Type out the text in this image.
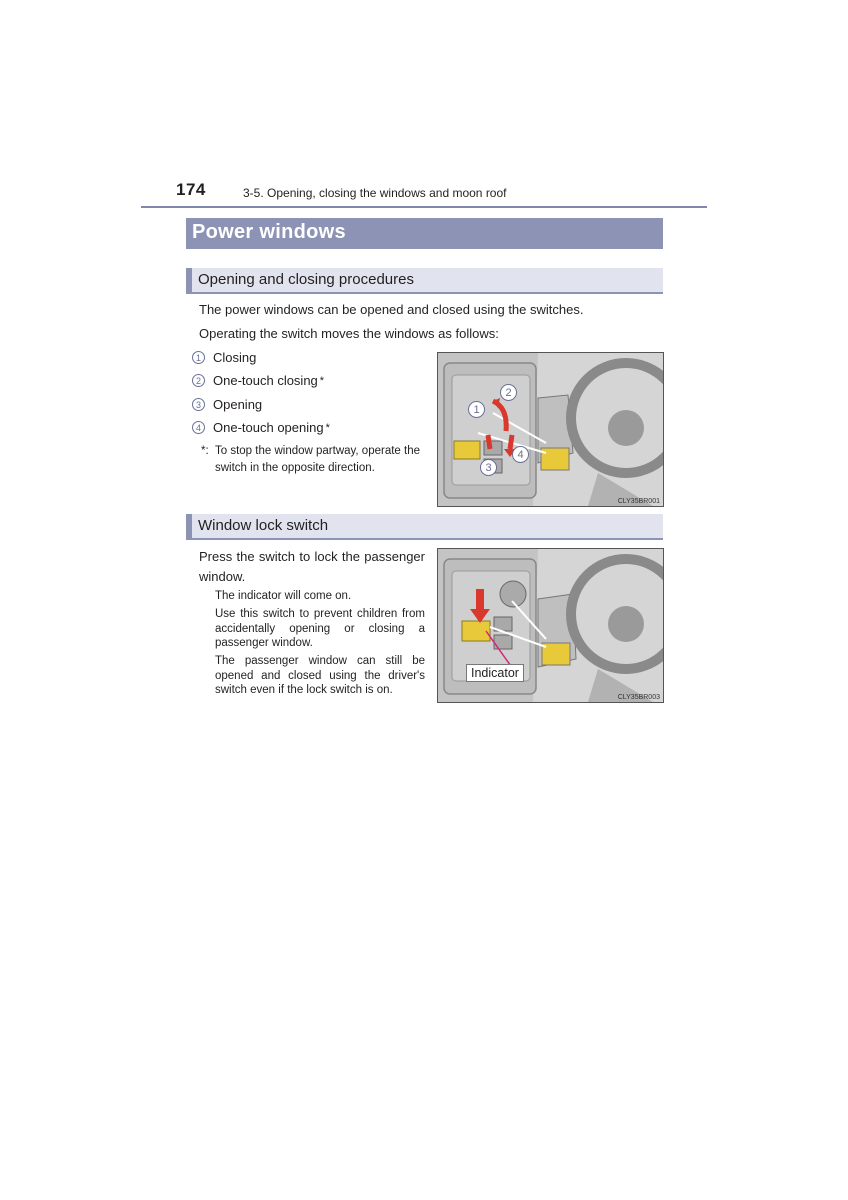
174	3-5. Opening, closing the windows and moon roof
Power windows
Opening and closing procedures
The power windows can be opened and closed using the switches.
Operating the switch moves the windows as follows:
1 Closing
2 One-touch closing *
3 Opening
4 One-touch opening *
*: To stop the window partway, operate the
switch in the opposite direction.
1
2
3
4
CLY35BR001
Window lock switch
Press the switch to lock the passenger
window.
The indicator will come on.
Use this switch to prevent children from accidentally opening or closing a passenger window.
The passenger window can still be opened and closed using the driver's switch even if the lock switch is on.
Indicator
CLY35BR003
